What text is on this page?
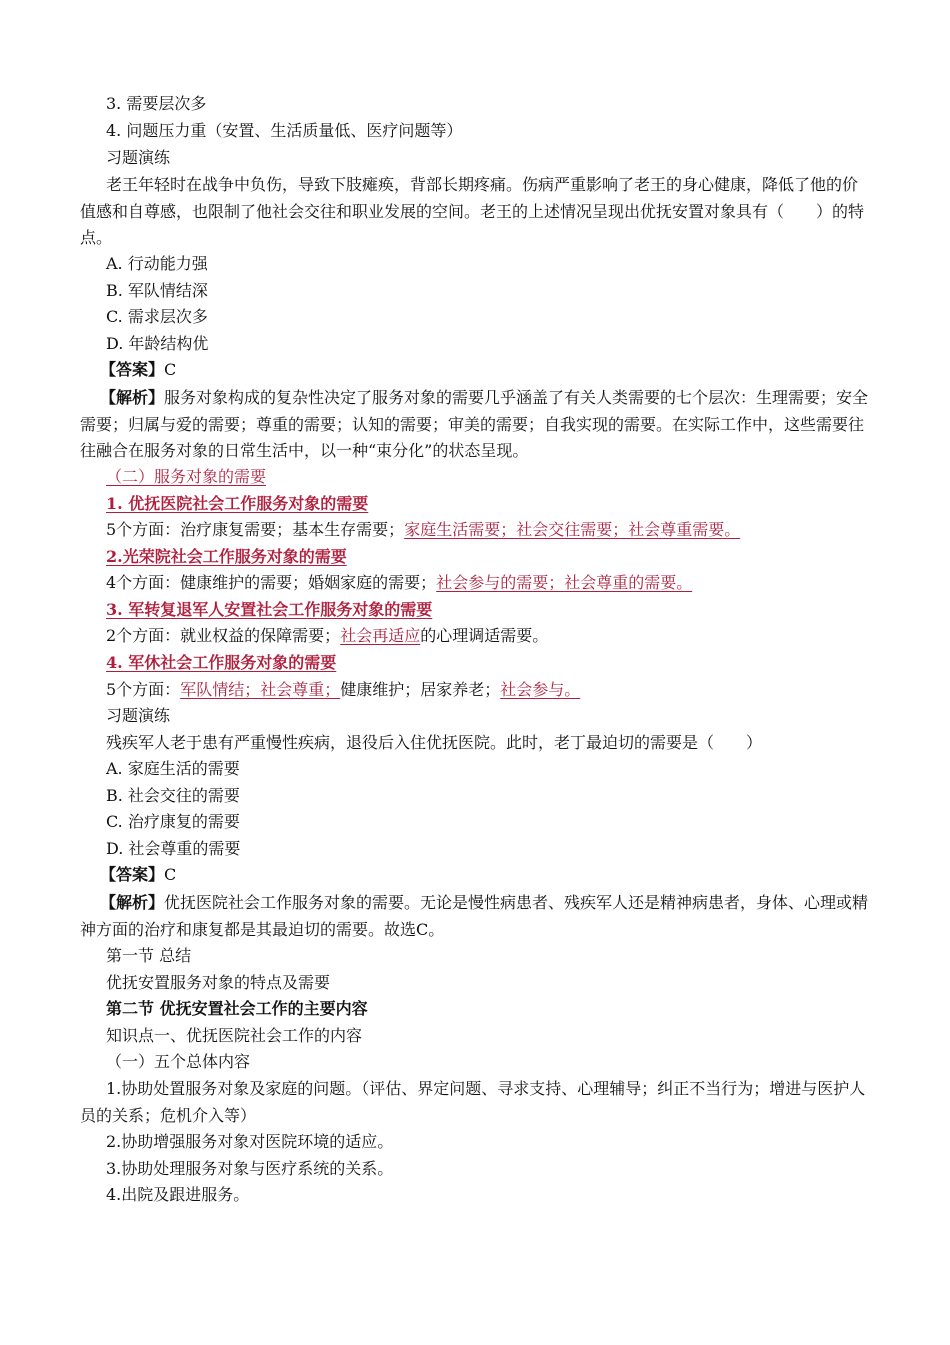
3. 需要层次多
4. 问题压力重（安置、生活质量低、医疗问题等）
习题演练
老王年轻时在战争中负伤，导致下肢瘫痪，背部长期疼痛。伤病严重影响了老王的身心健康，降低了他的价值感和自尊感，也限制了他社会交往和职业发展的空间。老王的上述情况呈现出优抚安置对象具有（　　）的特点。
A. 行动能力强
B. 军队情结深
C. 需求层次多
D. 年龄结构优
【答案】C
【解析】服务对象构成的复杂性决定了服务对象的需要几乎涵盖了有关人类需要的七个层次：生理需要；安全需要；归属与爱的需要；尊重的需要；认知的需要；审美的需要；自我实现的需要。在实际工作中，这些需要往往融合在服务对象的日常生活中，以一种“束分化”的状态呈现。
（二）服务对象的需要
1. 优抚医院社会工作服务对象的需要
5个方面：治疗康复需要；基本生存需要；家庭生活需要；社会交往需要；社会尊重需要。
2.光荣院社会工作服务对象的需要
4个方面：健康维护的需要；婚姻家庭的需要；社会参与的需要；社会尊重的需要。
3. 军转复退军人安置社会工作服务对象的需要
2个方面：就业权益的保障需要；社会再适应的心理调适需要。
4. 军休社会工作服务对象的需要
5个方面：军队情结；社会尊重；健康维护；居家养老；社会参与。
习题演练
残疾军人老于患有严重慢性疾病，退役后入住优抚医院。此时，老丁最迫切的需要是（　　）
A. 家庭生活的需要
B. 社会交往的需要
C. 治疗康复的需要
D. 社会尊重的需要
【答案】C
【解析】优抚医院社会工作服务对象的需要。无论是慢性病患者、残疾军人还是精神病患者，身体、心理或精神方面的治疗和康复都是其最迫切的需要。故选C。
第一节 总结
优抚安置服务对象的特点及需要
第二节 优抚安置社会工作的主要内容
知识点一、优抚医院社会工作的内容
（一）五个总体内容
1.协助处置服务对象及家庭的问题。（评估、界定问题、寻求支持、心理辅导；纠正不当行为；增进与医护人员的关系；危机介入等）
2.协助增强服务对象对医院环境的适应。
3.协助处理服务对象与医疗系统的关系。
4.出院及跟进服务。
